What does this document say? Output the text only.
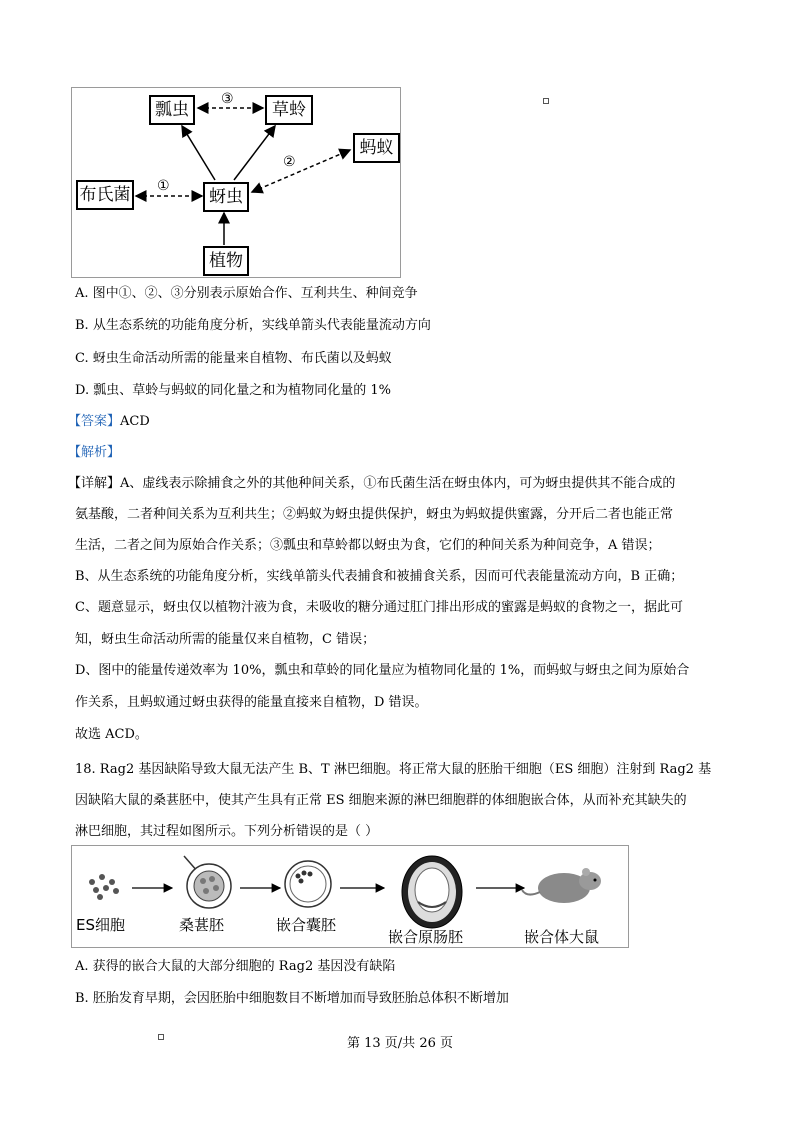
瓢虫	草蛉
蚂蚁
布氏菌	蚜虫
植物
①
②
③
A. 图中①、②、③分别表示原始合作、互利共生、种间竞争
B. 从生态系统的功能角度分析，实线单箭头代表能量流动方向
C. 蚜虫生命活动所需的能量来自植物、布氏菌以及蚂蚁
D. 瓢虫、草蛉与蚂蚁的同化量之和为植物同化量的 1%
【答案】ACD
【解析】
【详解】A、虚线表示除捕食之外的其他种间关系，①布氏菌生活在蚜虫体内，可为蚜虫提供其不能合成的
氨基酸，二者种间关系为互利共生；②蚂蚁为蚜虫提供保护，蚜虫为蚂蚁提供蜜露，分开后二者也能正常
生活，二者之间为原始合作关系；③瓢虫和草蛉都以蚜虫为食，它们的种间关系为种间竞争，A 错误；
B、从生态系统的功能角度分析，实线单箭头代表捕食和被捕食关系，因而可代表能量流动方向，B 正确；
C、题意显示，蚜虫仅以植物汁液为食，未吸收的糖分通过肛门排出形成的蜜露是蚂蚁的食物之一，据此可
知，蚜虫生命活动所需的能量仅来自植物，C 错误；
D、图中的能量传递效率为 10%，瓢虫和草蛉的同化量应为植物同化量的 1%，而蚂蚁与蚜虫之间为原始合
作关系，且蚂蚁通过蚜虫获得的能量直接来自植物，D 错误。
故选 ACD。
18. Rag2 基因缺陷导致大鼠无法产生 B、T 淋巴细胞。将正常大鼠的胚胎干细胞（ES 细胞）注射到 Rag2 基
因缺陷大鼠的桑葚胚中，使其产生具有正常 ES 细胞来源的淋巴细胞群的体细胞嵌合体，从而补充其缺失的
淋巴细胞，其过程如图所示。下列分析错误的是（ ）
ES细胞	桑葚胚	嵌合囊胚
嵌合原肠胚	嵌合体大鼠
A. 获得的嵌合大鼠的大部分细胞的 Rag2 基因没有缺陷
B. 胚胎发育早期，会因胚胎中细胞数目不断增加而导致胚胎总体积不断增加
第 13 页/共 26 页
